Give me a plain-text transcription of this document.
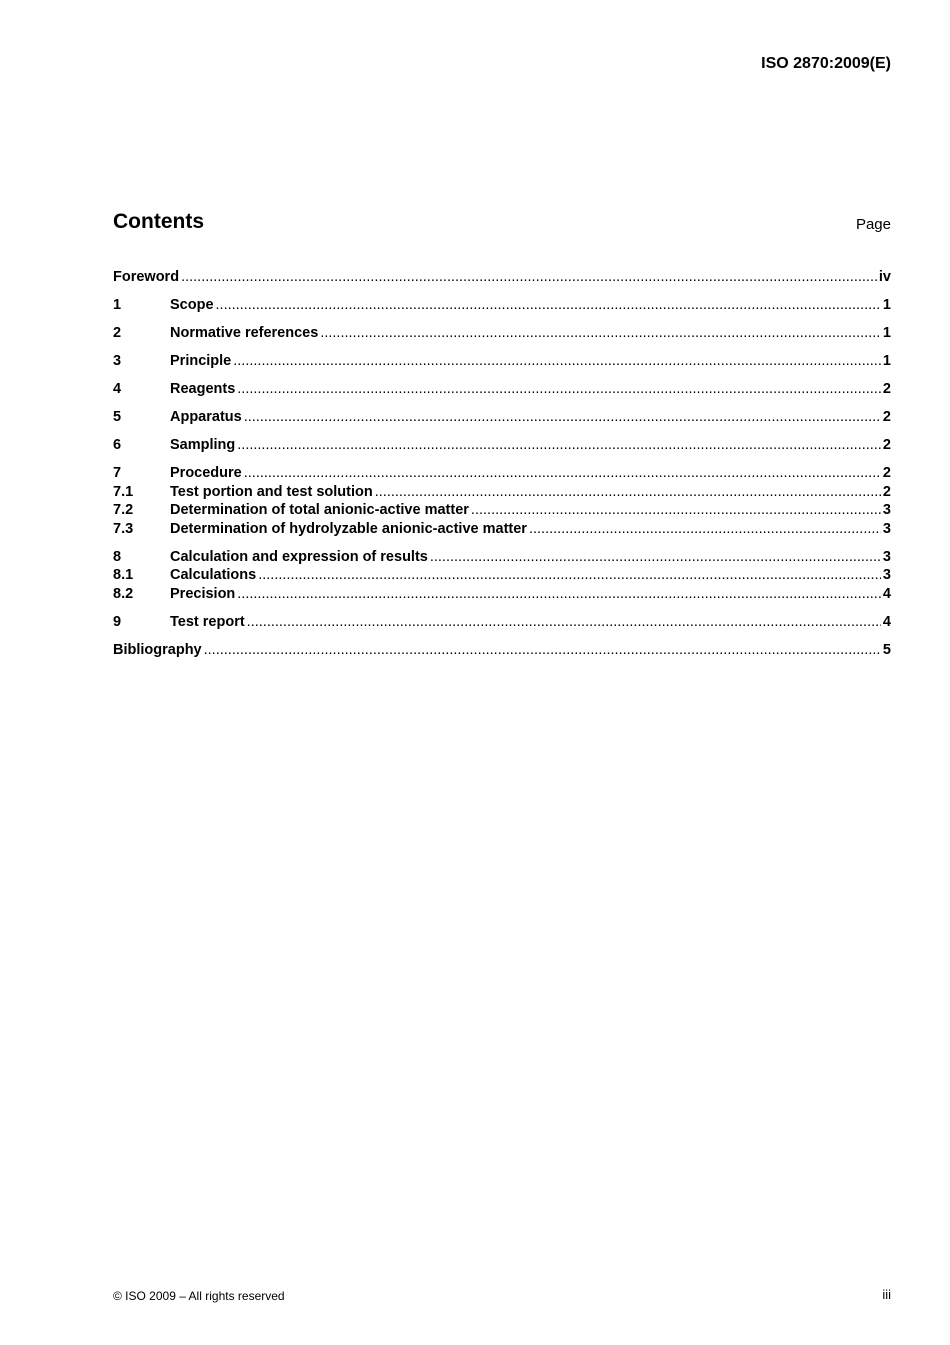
ISO 2870:2009(E)
Contents	Page
Foreword .....	iv
1	Scope .....	1
2	Normative references .....	1
3	Principle .....	1
4	Reagents .....	2
5	Apparatus .....	2
6	Sampling .....	2
7	Procedure .....	2
7.1	Test portion and test solution .....	2
7.2	Determination of total anionic-active matter .....	3
7.3	Determination of hydrolyzable anionic-active matter .....	3
8	Calculation and expression of results .....	3
8.1	Calculations .....	3
8.2	Precision .....	4
9	Test report .....	4
Bibliography .....	5
© ISO 2009 – All rights reserved	iii
